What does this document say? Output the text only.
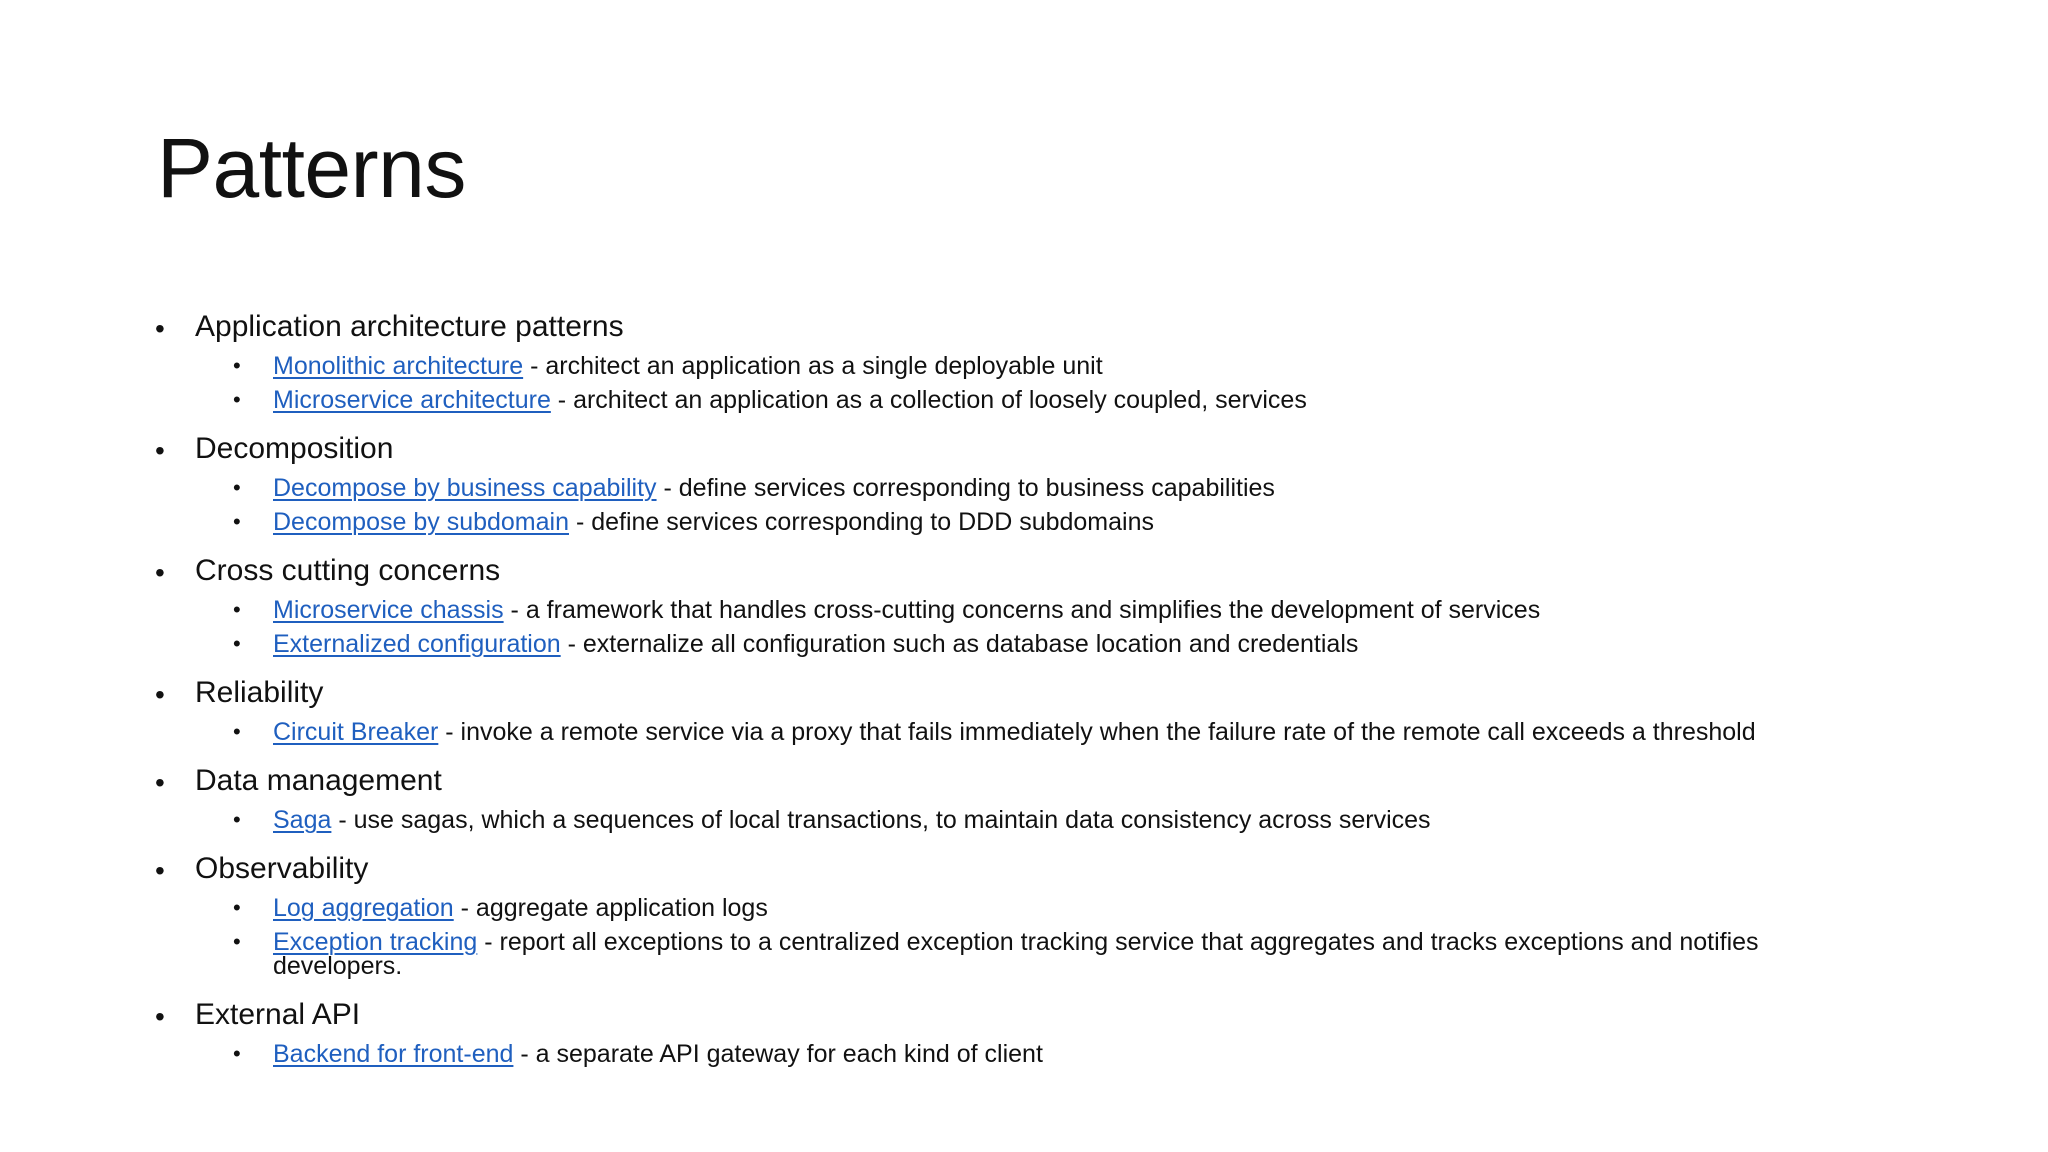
Patterns
•	Application architecture patterns
•	Monolithic architecture - architect an application as a single deployable unit
•	Microservice architecture - architect an application as a collection of loosely coupled, services
•	Decomposition
•	Decompose by business capability - define services corresponding to business capabilities
•	Decompose by subdomain - define services corresponding to DDD subdomains
•	Cross cutting concerns
•	Microservice chassis - a framework that handles cross-cutting concerns and simplifies the development of services
•	Externalized configuration - externalize all configuration such as database location and credentials
•	Reliability
•	Circuit Breaker - invoke a remote service via a proxy that fails immediately when the failure rate of the remote call exceeds a threshold
•	Data management
•	Saga - use sagas, which a sequences of local transactions, to maintain data consistency across services
•	Observability
•	Log aggregation - aggregate application logs
•	Exception tracking - report all exceptions to a centralized exception tracking service that aggregates and tracks exceptions and notifies developers.
•	External API
•	Backend for front-end - a separate API gateway for each kind of client
